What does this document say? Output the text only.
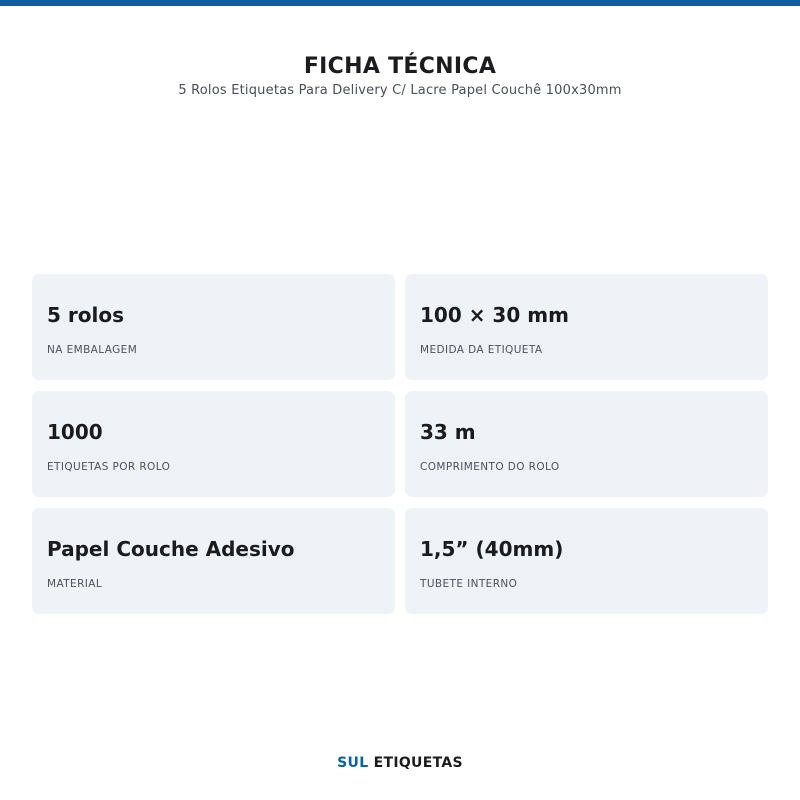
FICHA TÉCNICA
5 Rolos Etiquetas Para Delivery C/ Lacre Papel Couchê 100x30mm
5 rolos
NA EMBALAGEM
100 × 30 mm
MEDIDA DA ETIQUETA
1000
ETIQUETAS POR ROLO
33 m
COMPRIMENTO DO ROLO
Papel Couche Adesivo
MATERIAL
1,5” (40mm)
TUBETE INTERNO
SUL ETIQUETAS
